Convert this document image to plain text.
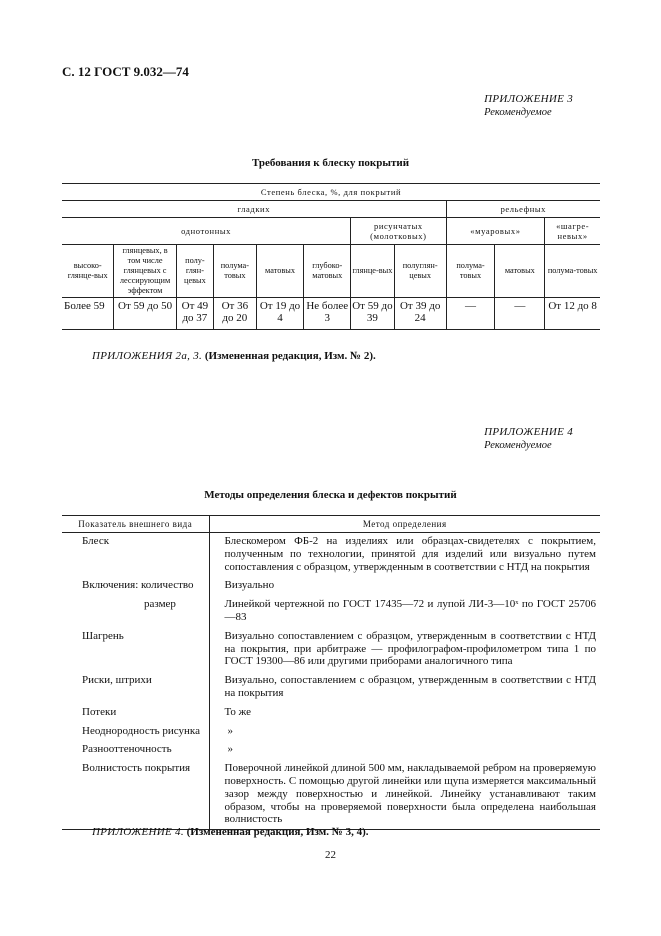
С. 12 ГОСТ 9.032—74
ПРИЛОЖЕНИЕ 3
Рекомендуемое
Требования к блеску покрытий
Степень блеска, %, для покрытий										
гладких								рельефных		
однотонных						рисунчатых (молотковых)		«муаровых»		«шагре-невых»
высоко-глянце-вых	глянцевых, в том числе глянцевых с лессирующим эффектом	полу-глян-цевых	полума-товых	матовых	глубоко-матовых	глянце-вых	полуглян-цевых	полума-товых	матовых	полума-товых
Более 59	От 59 до 50	От 49 до 37	От 36 до 20	От 19 до 4	Не более 3	От 59 до 39	От 39 до 24	—	—	От 12 до 8
ПРИЛОЖЕНИЯ 2а, 3. (Измененная редакция, Изм. № 2).
ПРИЛОЖЕНИЕ 4
Рекомендуемое
Методы определения блеска и дефектов покрытий
Показатель внешнего вида	Метод определения
Блеск	Блескомером ФБ-2 на изделиях или образцах-свидетелях с покрытием, полученным по технологии, принятой для изделий или визуально путем сопоставления с образцом, утвержденным в соответствии с НТД на покрытия
Включения: количество	Визуально
размер	Линейкой чертежной по ГОСТ 17435—72 и лупой ЛИ-3—10ˣ по ГОСТ 25706—83
Шагрень	Визуально сопоставлением с образцом, утвержденным в соответствии с НТД на покрытия, при арбитраже — профилографом-профилометром типа 1 по ГОСТ 19300—86 или другими приборами аналогичного типа
Риски, штрихи	Визуально, сопоставлением с образцом, утвержденным в соответствии с НТД на покрытия
Потеки	То же
Неоднородность рисунка	»
Разнооттеночность	»
Волнистость покрытия	Поверочной линейкой длиной 500 мм, накладываемой ребром на проверяемую поверхность. С помощью другой линейки или щупа измеряется максимальный зазор между поверхностью и линейкой. Линейку устанавливают таким образом, чтобы на проверяемой поверхности была определена наибольшая волнистость
ПРИЛОЖЕНИЕ 4. (Измененная редакция, Изм. № 3, 4).
22
